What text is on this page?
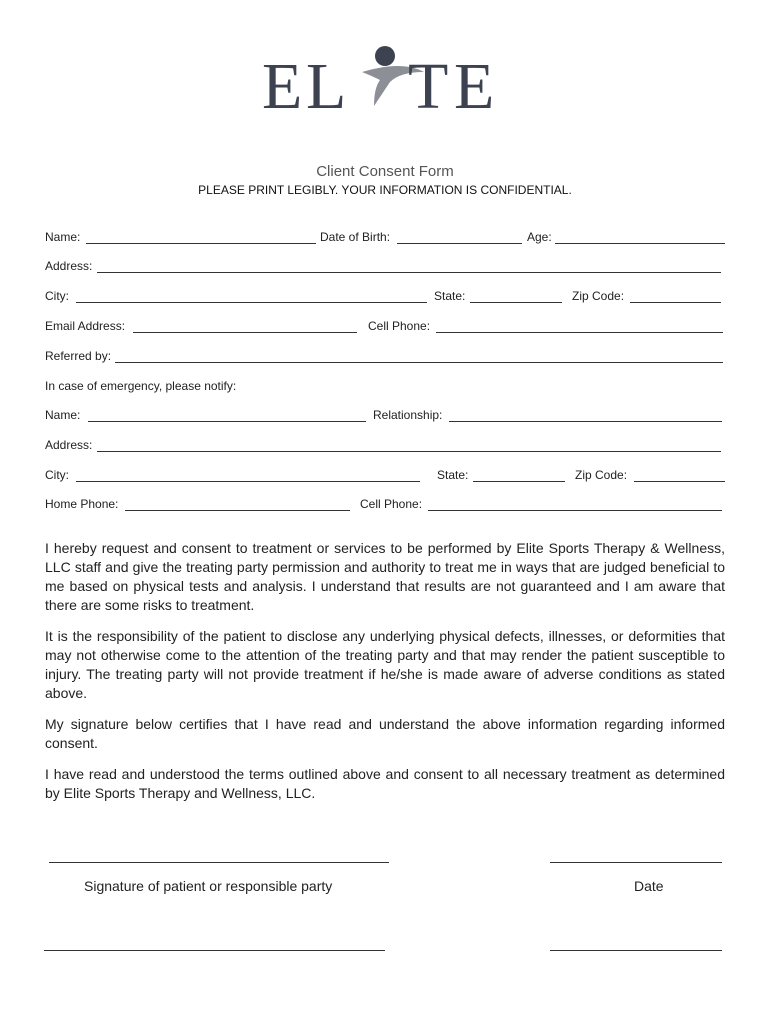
E L T E
Client Consent Form
PLEASE PRINT LEGIBLY. YOUR INFORMATION IS CONFIDENTIAL.
Name:	Date of Birth:	Age:
Address:
City:	State:	Zip Code:
Email Address:	Cell Phone:
Referred by:
In case of emergency, please notify:
Name:	Relationship:
Address:
City:	State:	Zip Code:
Home Phone:	Cell Phone:

I hereby request and consent to treatment or services to be performed by Elite Sports Therapy & Wellness, LLC staff and give the treating party permission and authority to treat me in ways that are judged beneficial to me based on physical tests and analysis. I understand that results are not guaranteed and I am aware that there are some risks to treatment.

It is the responsibility of the patient to disclose any underlying physical defects, illnesses, or deformities that may not otherwise come to the attention of the treating party and that may render the patient susceptible to injury. The treating party will not provide treatment if he/she is made aware of adverse conditions as stated above.

My signature below certifies that I have read and understand the above information regarding informed consent.

I have read and understood the terms outlined above and consent to all necessary treatment as determined by Elite Sports Therapy and Wellness, LLC.

Signature of patient or responsible party	Date
